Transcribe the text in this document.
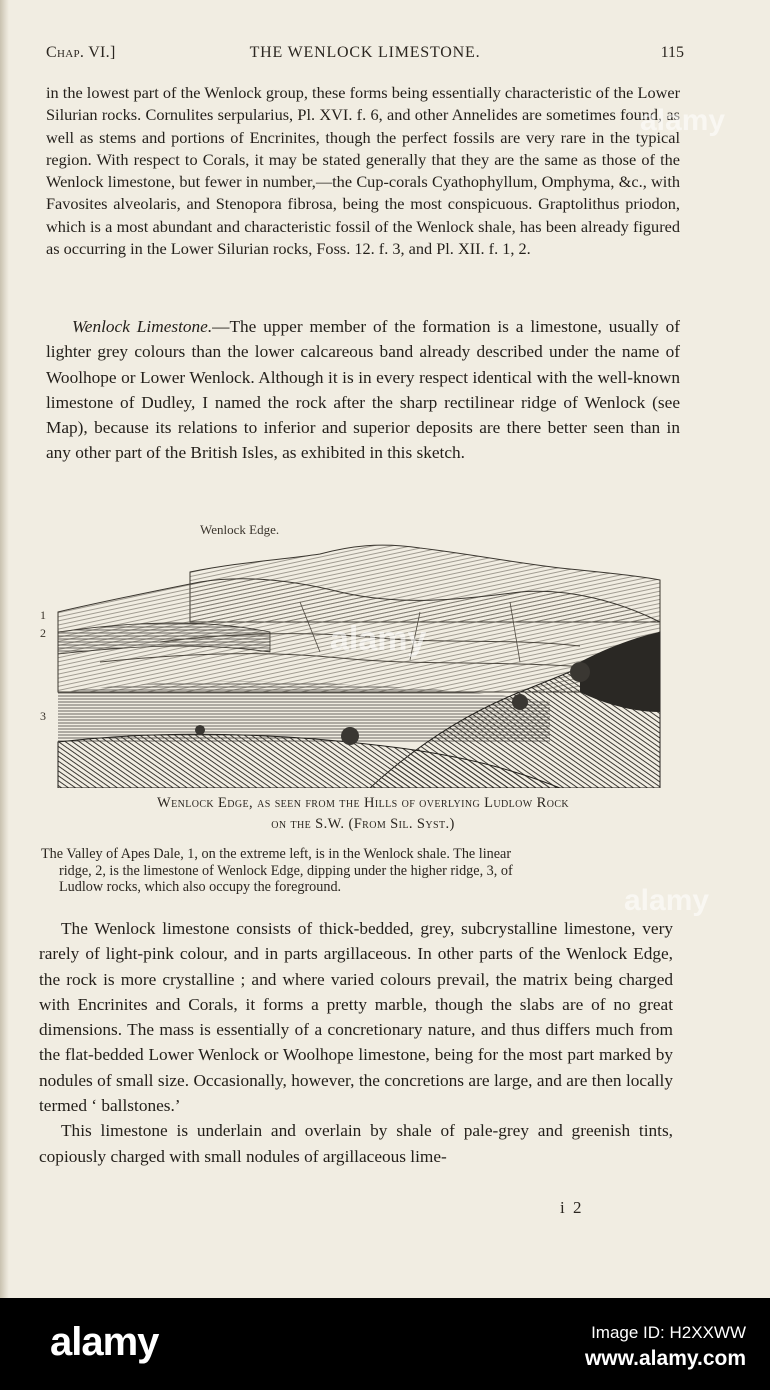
Chap. VI.]	THE WENLOCK LIMESTONE.	115

in the lowest part of the Wenlock group, these forms being essentially characteristic of the Lower Silurian rocks. Cornulites serpularius, Pl. XVI. f. 6, and other Annelides are sometimes found, as well as stems and portions of Encrinites, though the perfect fossils are very rare in the typical region. With respect to Corals, it may be stated generally that they are the same as those of the Wenlock limestone, but fewer in number,—the Cup-corals Cyathophyllum, Omphyma, &c., with Favosites alveolaris, and Stenopora fibrosa, being the most conspicuous. Graptolithus priodon, which is a most abundant and characteristic fossil of the Wenlock shale, has been already figured as occurring in the Lower Silurian rocks, Foss. 12. f. 3, and Pl. XII. f. 1, 2.

Wenlock Limestone.—The upper member of the formation is a limestone, usually of lighter grey colours than the lower calcareous band already described under the name of Woolhope or Lower Wenlock. Although it is in every respect identical with the well-known limestone of Dudley, I named the rock after the sharp rectilinear ridge of Wenlock (see Map), because its relations to inferior and superior deposits are there better seen than in any other part of the British Isles, as exhibited in this sketch.

Wenlock Edge.
1
2
3
Wenlock Edge, as seen from the Hills of overlying Ludlow Rock
on the S.W. (From Sil. Syst.)
The Valley of Apes Dale, 1, on the extreme left, is in the Wenlock shale. The linear
ridge, 2, is the limestone of Wenlock Edge, dipping under the higher ridge, 3, of
Ludlow rocks, which also occupy the foreground.

The Wenlock limestone consists of thick-bedded, grey, subcrystalline limestone, very rarely of light-pink colour, and in parts argillaceous. In other parts of the Wenlock Edge, the rock is more crystalline ; and where varied colours prevail, the matrix being charged with Encrinites and Corals, it forms a pretty marble, though the slabs are of no great dimensions. The mass is essentially of a concretionary nature, and thus differs much from the flat-bedded Lower Wenlock or Woolhope limestone, being for the most part marked by nodules of small size. Occasionally, however, the concretions are large, and are then locally termed ‘ ballstones.’

This limestone is underlain and overlain by shale of pale-grey and greenish tints, copiously charged with small nodules of argillaceous lime-

i 2
alamy
alamy
alamy
alamy	Image ID: H2XXWW
www.alamy.com
